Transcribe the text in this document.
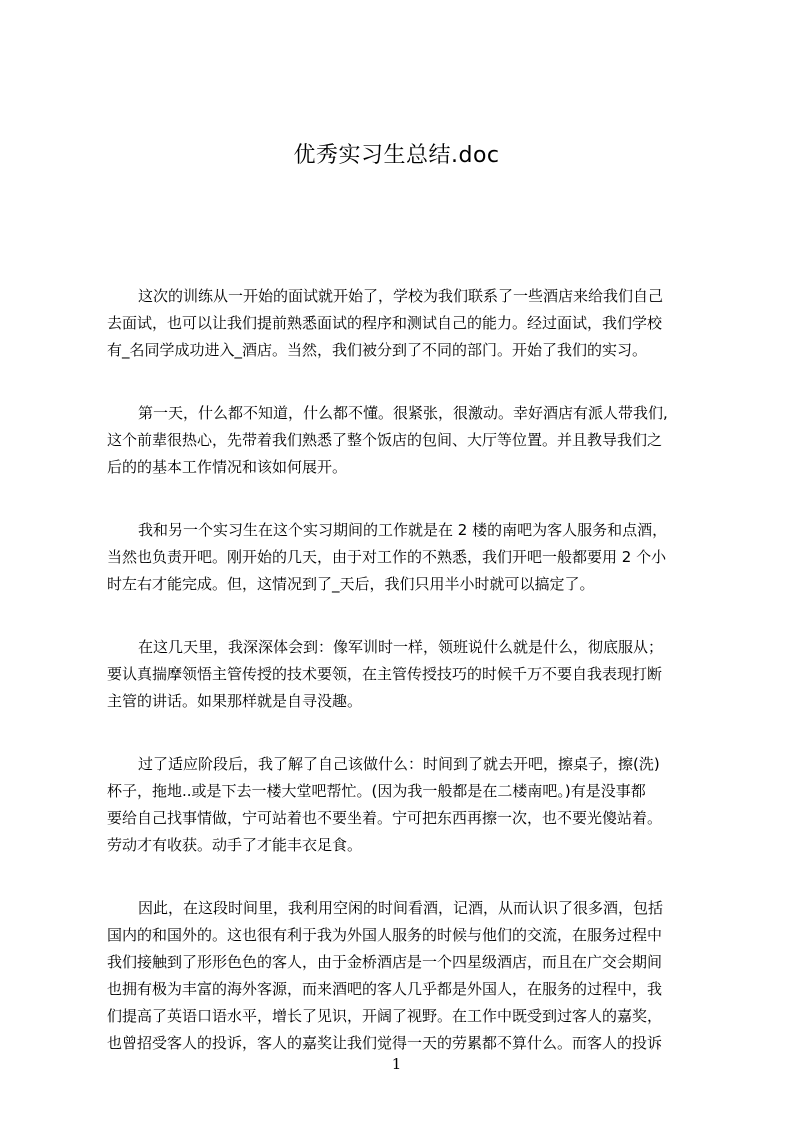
优秀实习生总结.doc
这次的训练从一开始的面试就开始了，学校为我们联系了一些酒店来给我们自己
去面试，也可以让我们提前熟悉面试的程序和测试自己的能力。经过面试，我们学校
有_名同学成功进入_酒店。当然，我们被分到了不同的部门。开始了我们的实习。
第一天，什么都不知道，什么都不懂。很紧张，很激动。幸好酒店有派人带我们,
这个前辈很热心，先带着我们熟悉了整个饭店的包间、大厅等位置。并且教导我们之
后的的基本工作情况和该如何展开。
我和另一个实习生在这个实习期间的工作就是在 2 楼的南吧为客人服务和点酒，
当然也负责开吧。刚开始的几天，由于对工作的不熟悉，我们开吧一般都要用 2 个小
时左右才能完成。但，这情况到了_天后，我们只用半小时就可以搞定了。
在这几天里，我深深体会到：像军训时一样，领班说什么就是什么，彻底服从；
要认真揣摩领悟主管传授的技术要领，在主管传授技巧的时候千万不要自我表现打断
主管的讲话。如果那样就是自寻没趣。
过了适应阶段后，我了解了自己该做什么：时间到了就去开吧，擦桌子，擦(洗)
杯子，拖地..或是下去一楼大堂吧帮忙。(因为我一般都是在二楼南吧。)有是没事都
要给自己找事情做，宁可站着也不要坐着。宁可把东西再擦一次，也不要光傻站着。
劳动才有收获。动手了才能丰衣足食。
因此，在这段时间里，我利用空闲的时间看酒，记酒，从而认识了很多酒，包括
国内的和国外的。这也很有利于我为外国人服务的时候与他们的交流，在服务过程中
我们接触到了形形色色的客人，由于金桥酒店是一个四星级酒店，而且在广交会期间
也拥有极为丰富的海外客源，而来酒吧的客人几乎都是外国人，在服务的过程中，我
们提高了英语口语水平，增长了见识，开阔了视野。在工作中既受到过客人的嘉奖，
也曾招受客人的投诉，客人的嘉奖让我们觉得一天的劳累都不算什么。而客人的投诉
1
